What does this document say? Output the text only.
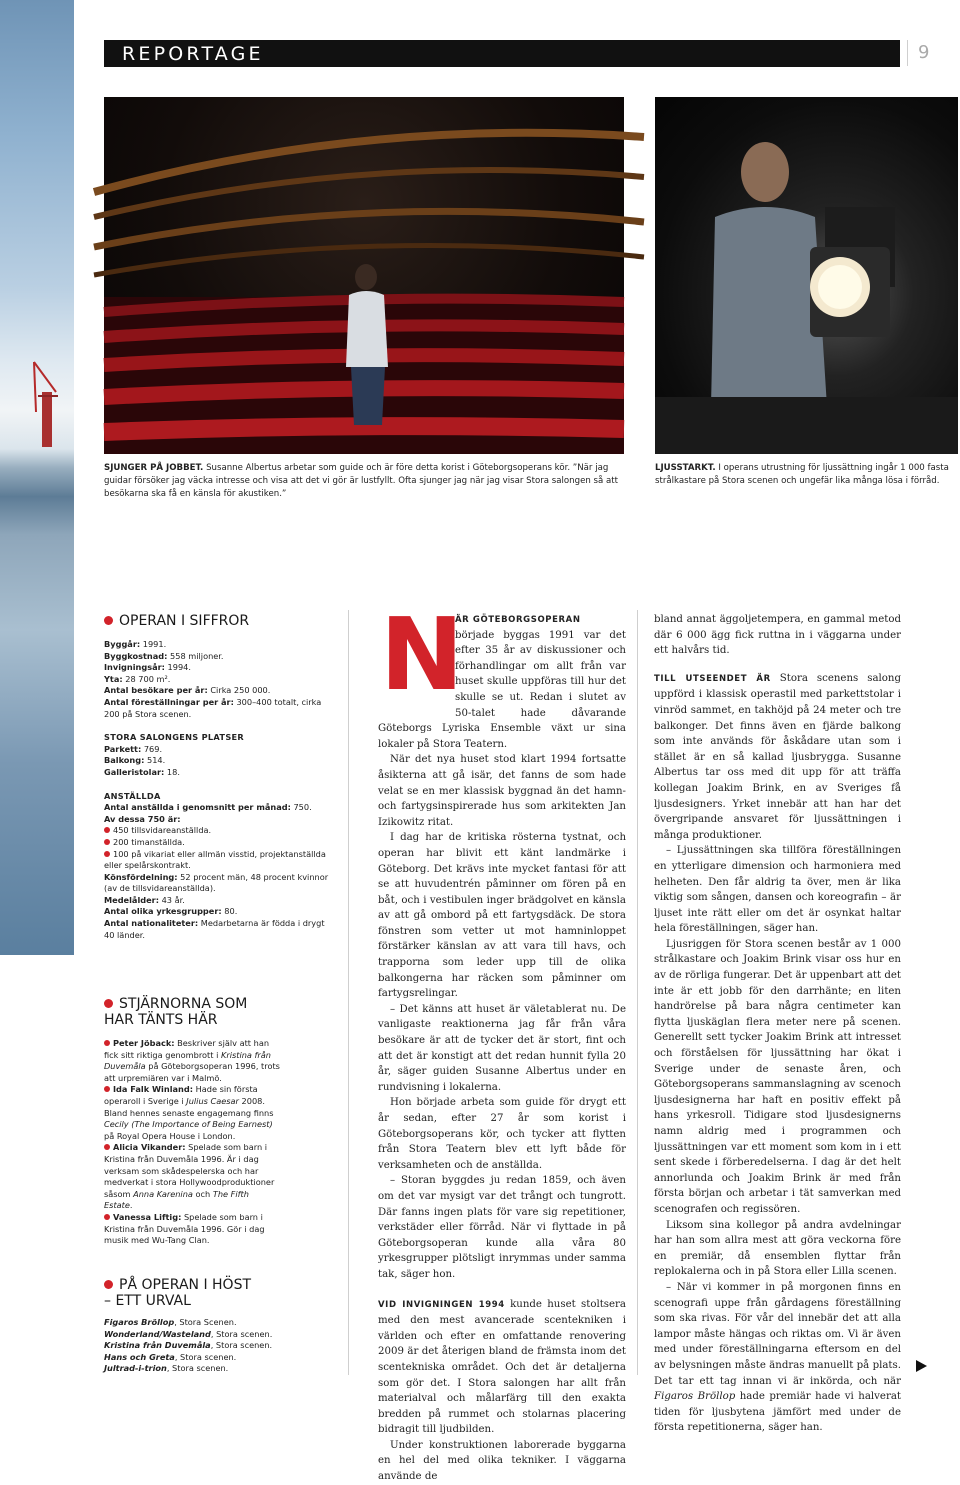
REPORTAGE	9
SJUNGER PÅ JOBBET. Susanne Albertus arbetar som guide och är före detta korist i Göteborgsoperans kör. ”När jag guidar försöker jag väcka intresse och visa att det vi gör är lustfyllt. Ofta sjunger jag när jag visar Stora salongen så att besökarna ska få en känsla för akustiken.”
LJUSSTARKT. I operans utrustning för ljussättning ingår 1 000 fasta strålkastare på Stora scenen och ungefär lika många lösa i förråd.
OPERAN I SIFFROR
Byggår: 1991.
Byggkostnad: 558 miljoner.
Invigningsår: 1994.
Yta: 28 700 m².
Antal besökare per år: Cirka 250 000.
Antal föreställningar per år: 300–400 totalt, cirka 200 på Stora scenen.
STORA SALONGENS PLATSER
Parkett: 769.
Balkong: 514.
Galleristolar: 18.
ANSTÄLLDA
Antal anställda i genomsnitt per månad: 750.
Av dessa 750 är:
450 tillsvidareanställda.
200 timanställda.
100 på vikariat eller allmän visstid, projektanställda eller spelårskontrakt.
Könsfördelning: 52 procent män, 48 procent kvinnor (av de tillsvidareanställda).
Medelålder: 43 år.
Antal olika yrkesgrupper: 80.
Antal nationaliteter: Medarbetarna är födda i drygt 40 länder.
STJÄRNORNA SOM
HAR TÄNTS HÄR
Peter Jöback: Beskriver själv att han fick sitt riktiga genombrott i Kristina från Duvemåla på Göteborgsoperan 1996, trots att urpremiären var i Malmö.
Ida Falk Winland: Hade sin första operaroll i Sverige i Julius Caesar 2008. Bland hennes senaste engagemang finns Cecily (The Importance of Being Earnest) på Royal Opera House i London.
Alicia Vikander: Spelade som barn i Kristina från Duvemåla 1996. Är i dag verksam som skådespelerska och har medverkat i stora Hollywoodproduktioner såsom Anna Karenina och The Fifth Estate.
Vanessa Liftig: Spelade som barn i Kristina från Duvemåla 1996. Gör i dag musik med Wu-Tang Clan.
PÅ OPERAN I HÖST
– ETT URVAL
Figaros Bröllop, Stora Scenen.
Wonderland/Wasteland, Stora scenen.
Kristina från Duvemåla, Stora scenen.
Hans och Greta, Stora scenen.
Jultrad-i-trion, Stora scenen.
N

ÄR GÖTEBORGSOPERAN

började byggas 1991 var det efter 35 år av diskussioner och förhandlingar om allt från var huset skulle uppföras till hur det skulle se ut. Redan i slutet av 50-talet hade dåvarande Göteborgs Lyriska Ensemble växt ur sina lokaler på Stora Teatern.

När det nya huset stod klart 1994 fortsatte åsikterna att gå isär, det fanns de som hade velat se en mer klassisk byggnad än det hamn- och fartygsinspirerade hus som arkitekten Jan Izikowitz ritat.

I dag har de kritiska rösterna tystnat, och operan har blivit ett känt landmärke i Göteborg. Det krävs inte mycket fantasi för att se att huvudentrén påminner om fören på en båt, och i vestibulen inger brädgolvet en känsla av att gå ombord på ett fartygsdäck. De stora fönstren som vetter ut mot hamninloppet förstärker känslan av att vara till havs, och trapporna som leder upp till de olika balkongerna har räcken som påminner om fartygsrelingar.

– Det känns att huset är väletablerat nu. De vanligaste reaktionerna jag får från våra besökare är att de tycker det är stort, fint och att det är konstigt att det redan hunnit fylla 20 år, säger guiden Susanne Albertus under en rundvisning i lokalerna.

Hon började arbeta som guide för drygt ett år sedan, efter 27 år som korist i Göteborgsoperans kör, och tycker att flytten från Stora Teatern blev ett lyft både för verksamheten och de anställda.

– Storan byggdes ju redan 1859, och även om det var mysigt var det trångt och tungrott. Där fanns ingen plats för vare sig repetitioner, verkstäder eller förråd. När vi flyttade in på Göteborgsoperan kunde alla våra 80 yrkesgrupper plötsligt inrymmas under samma tak, säger hon.

VID INVIGNINGEN 1994 kunde huset stoltsera med den mest avancerade scentekniken i världen och efter en omfattande renovering 2009 är det återigen bland de främsta inom det scentekniska området. Och det är detaljerna som gör det. I Stora salongen har allt från materialval och målarfärg till den exakta bredden på rummet och stolarnas placering bidragit till ljudbilden.

Under konstruktionen laborerade byggarna en hel del med olika tekniker. I väggarna använde de

bland annat äggoljetempera, en gammal metod där 6 000 ägg fick ruttna in i väggarna under ett halvårs tid.

TILL UTSEENDET ÄR Stora scenens salong uppförd i klassisk operastil med parkettstolar i vinröd sammet, en takhöjd på 24 meter och tre balkonger. Det finns även en fjärde balkong som inte används för åskådare utan som i stället är en så kallad ljusbrygga. Susanne Albertus tar oss med dit upp för att träffa kollegan Joakim Brink, en av Sveriges få ljusdesigners. Yrket innebär att han har det övergripande ansvaret för ljussättningen i många produktioner.

– Ljussättningen ska tillföra föreställningen en ytterligare dimension och harmoniera med helheten. Den får aldrig ta över, men är lika viktig som sången, dansen och koreografin – är ljuset inte rätt eller om det är osynkat haltar hela föreställningen, säger han.

Ljusriggen för Stora scenen består av 1 000 strålkastare och Joakim Brink visar oss hur en av de rörliga fungerar. Det är uppenbart att det inte är ett jobb för den darrhänte; en liten handrörelse på bara några centimeter kan flytta ljuskäglan flera meter nere på scenen. Generellt sett tycker Joakim Brink att intresset och förståelsen för ljussättning har ökat i Sverige under de senaste åren, och Göteborgsoperans sammanslagning av scenoch ljusdesignerna har haft en positiv effekt på hans yrkesroll. Tidigare stod ljusdesignerns namn aldrig med i programmen och ljussättningen var ett moment som kom in i ett sent skede i förberedelserna. I dag är det helt annorlunda och Joakim Brink är med från första början och arbetar i tät samverkan med scenografen och regissören.

Liksom sina kollegor på andra avdelningar har han som allra mest att göra veckorna före en premiär, då ensemblen flyttar från replokalerna och in på Stora eller Lilla scenen.

– När vi kommer in på morgonen finns en scenografi uppe från gårdagens föreställning som ska rivas. För vår del innebär det att alla lampor måste hängas och riktas om. Vi är även med under föreställningarna eftersom en del av belysningen måste ändras manuellt på plats. Det tar ett tag innan vi är inkörda, och när Figaros Bröllop hade premiär hade vi halverat tiden för ljusbytena jämfört med under de första repetitionerna, säger han.
